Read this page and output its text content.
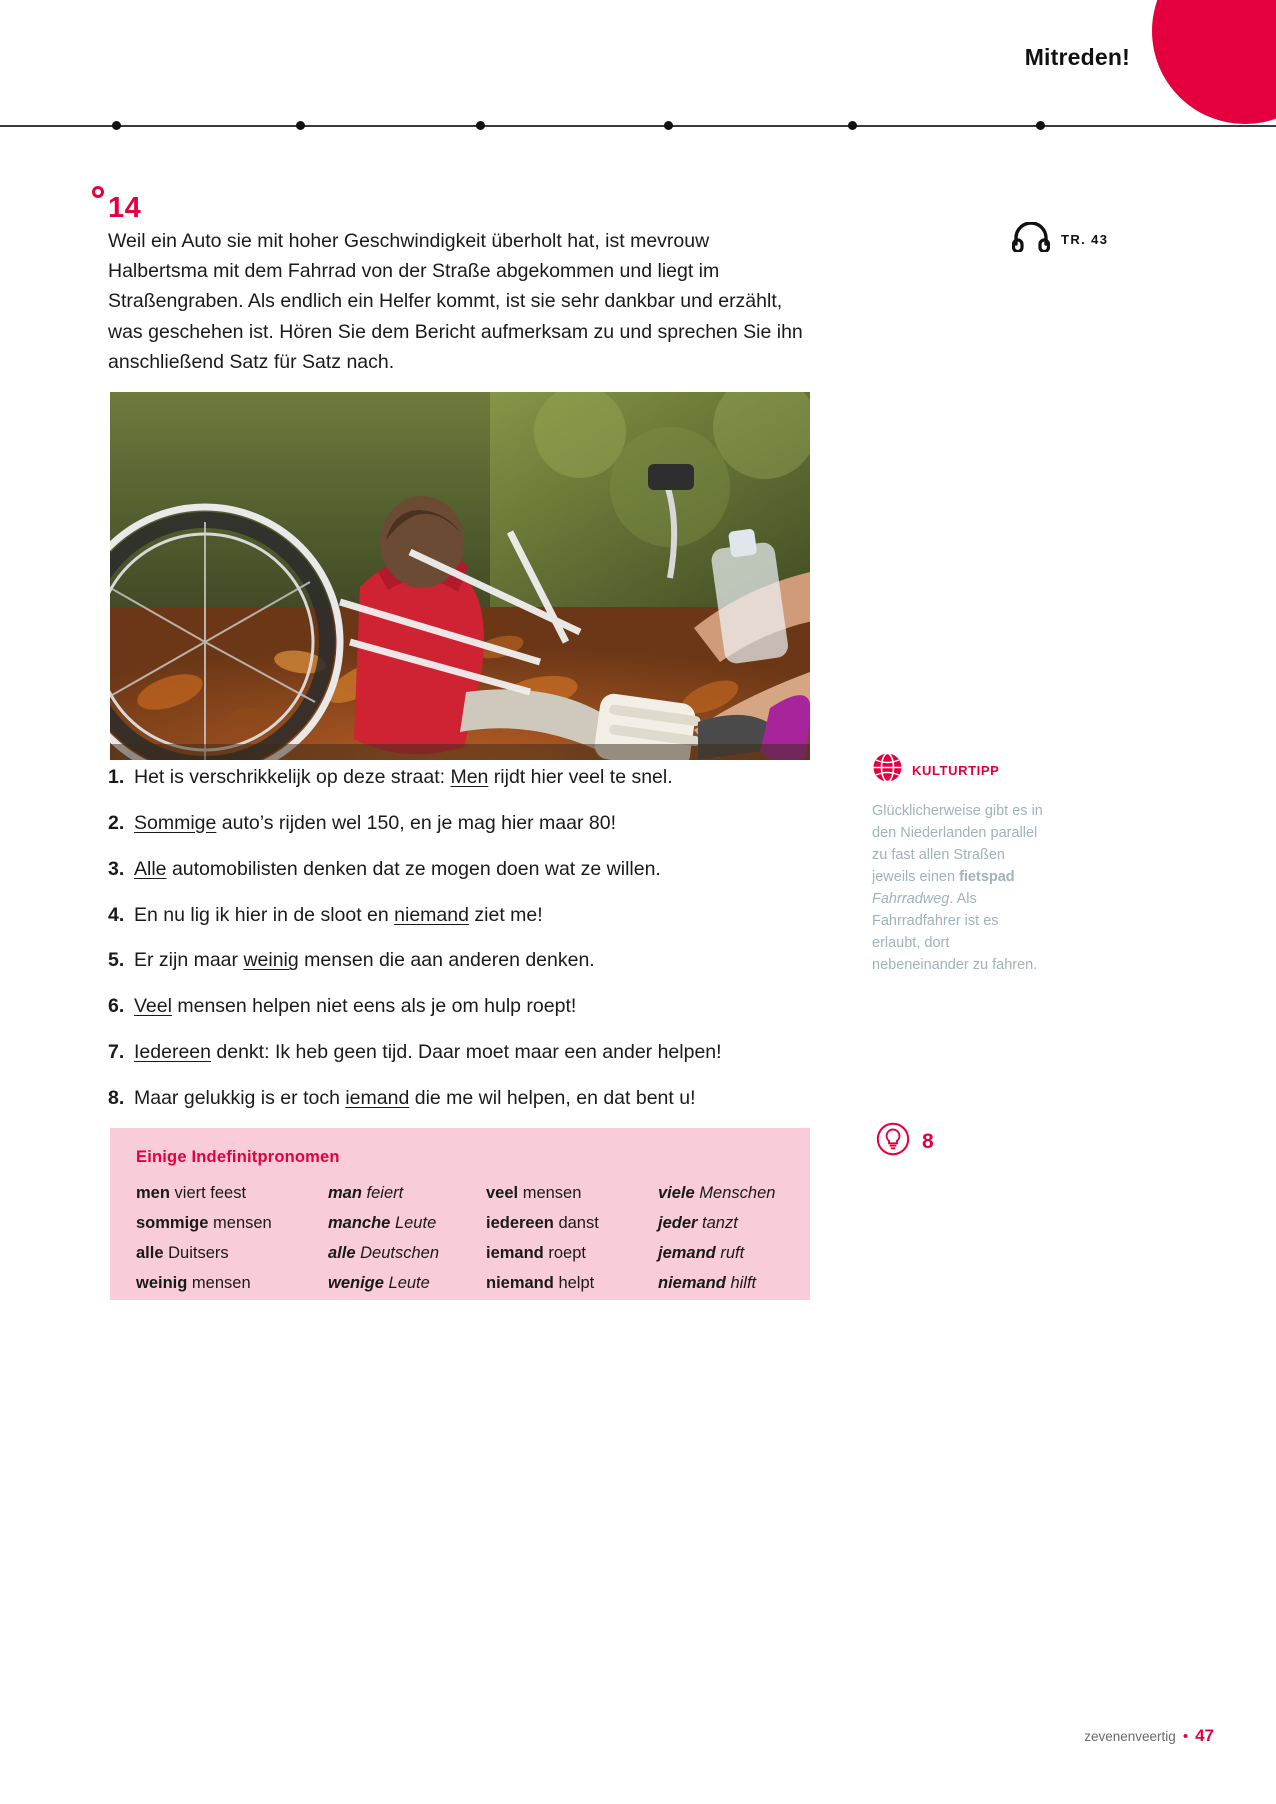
Mitreden!
14
Weil ein Auto sie mit hoher Geschwindigkeit überholt hat, ist mevrouw Halbertsma mit dem Fahrrad von der Straße abgekommen und liegt im Straßengraben. Als endlich ein Helfer kommt, ist sie sehr dankbar und erzählt, was geschehen ist. Hören Sie dem Bericht aufmerksam zu und sprechen Sie ihn anschließend Satz für Satz nach.
TR. 43
1. Het is verschrikkelijk op deze straat: Men rijdt hier veel te snel.
2. Sommige auto’s rijden wel 150, en je mag hier maar 80!
3. Alle automobilisten denken dat ze mogen doen wat ze willen.
4. En nu lig ik hier in de sloot en niemand ziet me!
5. Er zijn maar weinig mensen die aan anderen denken.
6. Veel mensen helpen niet eens als je om hulp roept!
7. Iedereen denkt: Ik heb geen tijd. Daar moet maar een ander helpen!
8. Maar gelukkig is er toch iemand die me wil helpen, en dat bent u!
Einige Indefinitpronomen
men viert feest	man feiert	veel mensen	viele Menschen
sommige mensen	manche Leute	iedereen danst	jeder tanzt
alle Duitsers	alle Deutschen	iemand roept	jemand ruft
weinig mensen	wenige Leute	niemand helpt	niemand hilft
KULTURTIPP
Glücklicherweise gibt es in den Niederlanden parallel zu fast allen Straßen jeweils einen fietspad Fahrradweg. Als Fahrradfahrer ist es erlaubt, dort nebeneinander zu fahren.
8
zevenenveertig • 47
